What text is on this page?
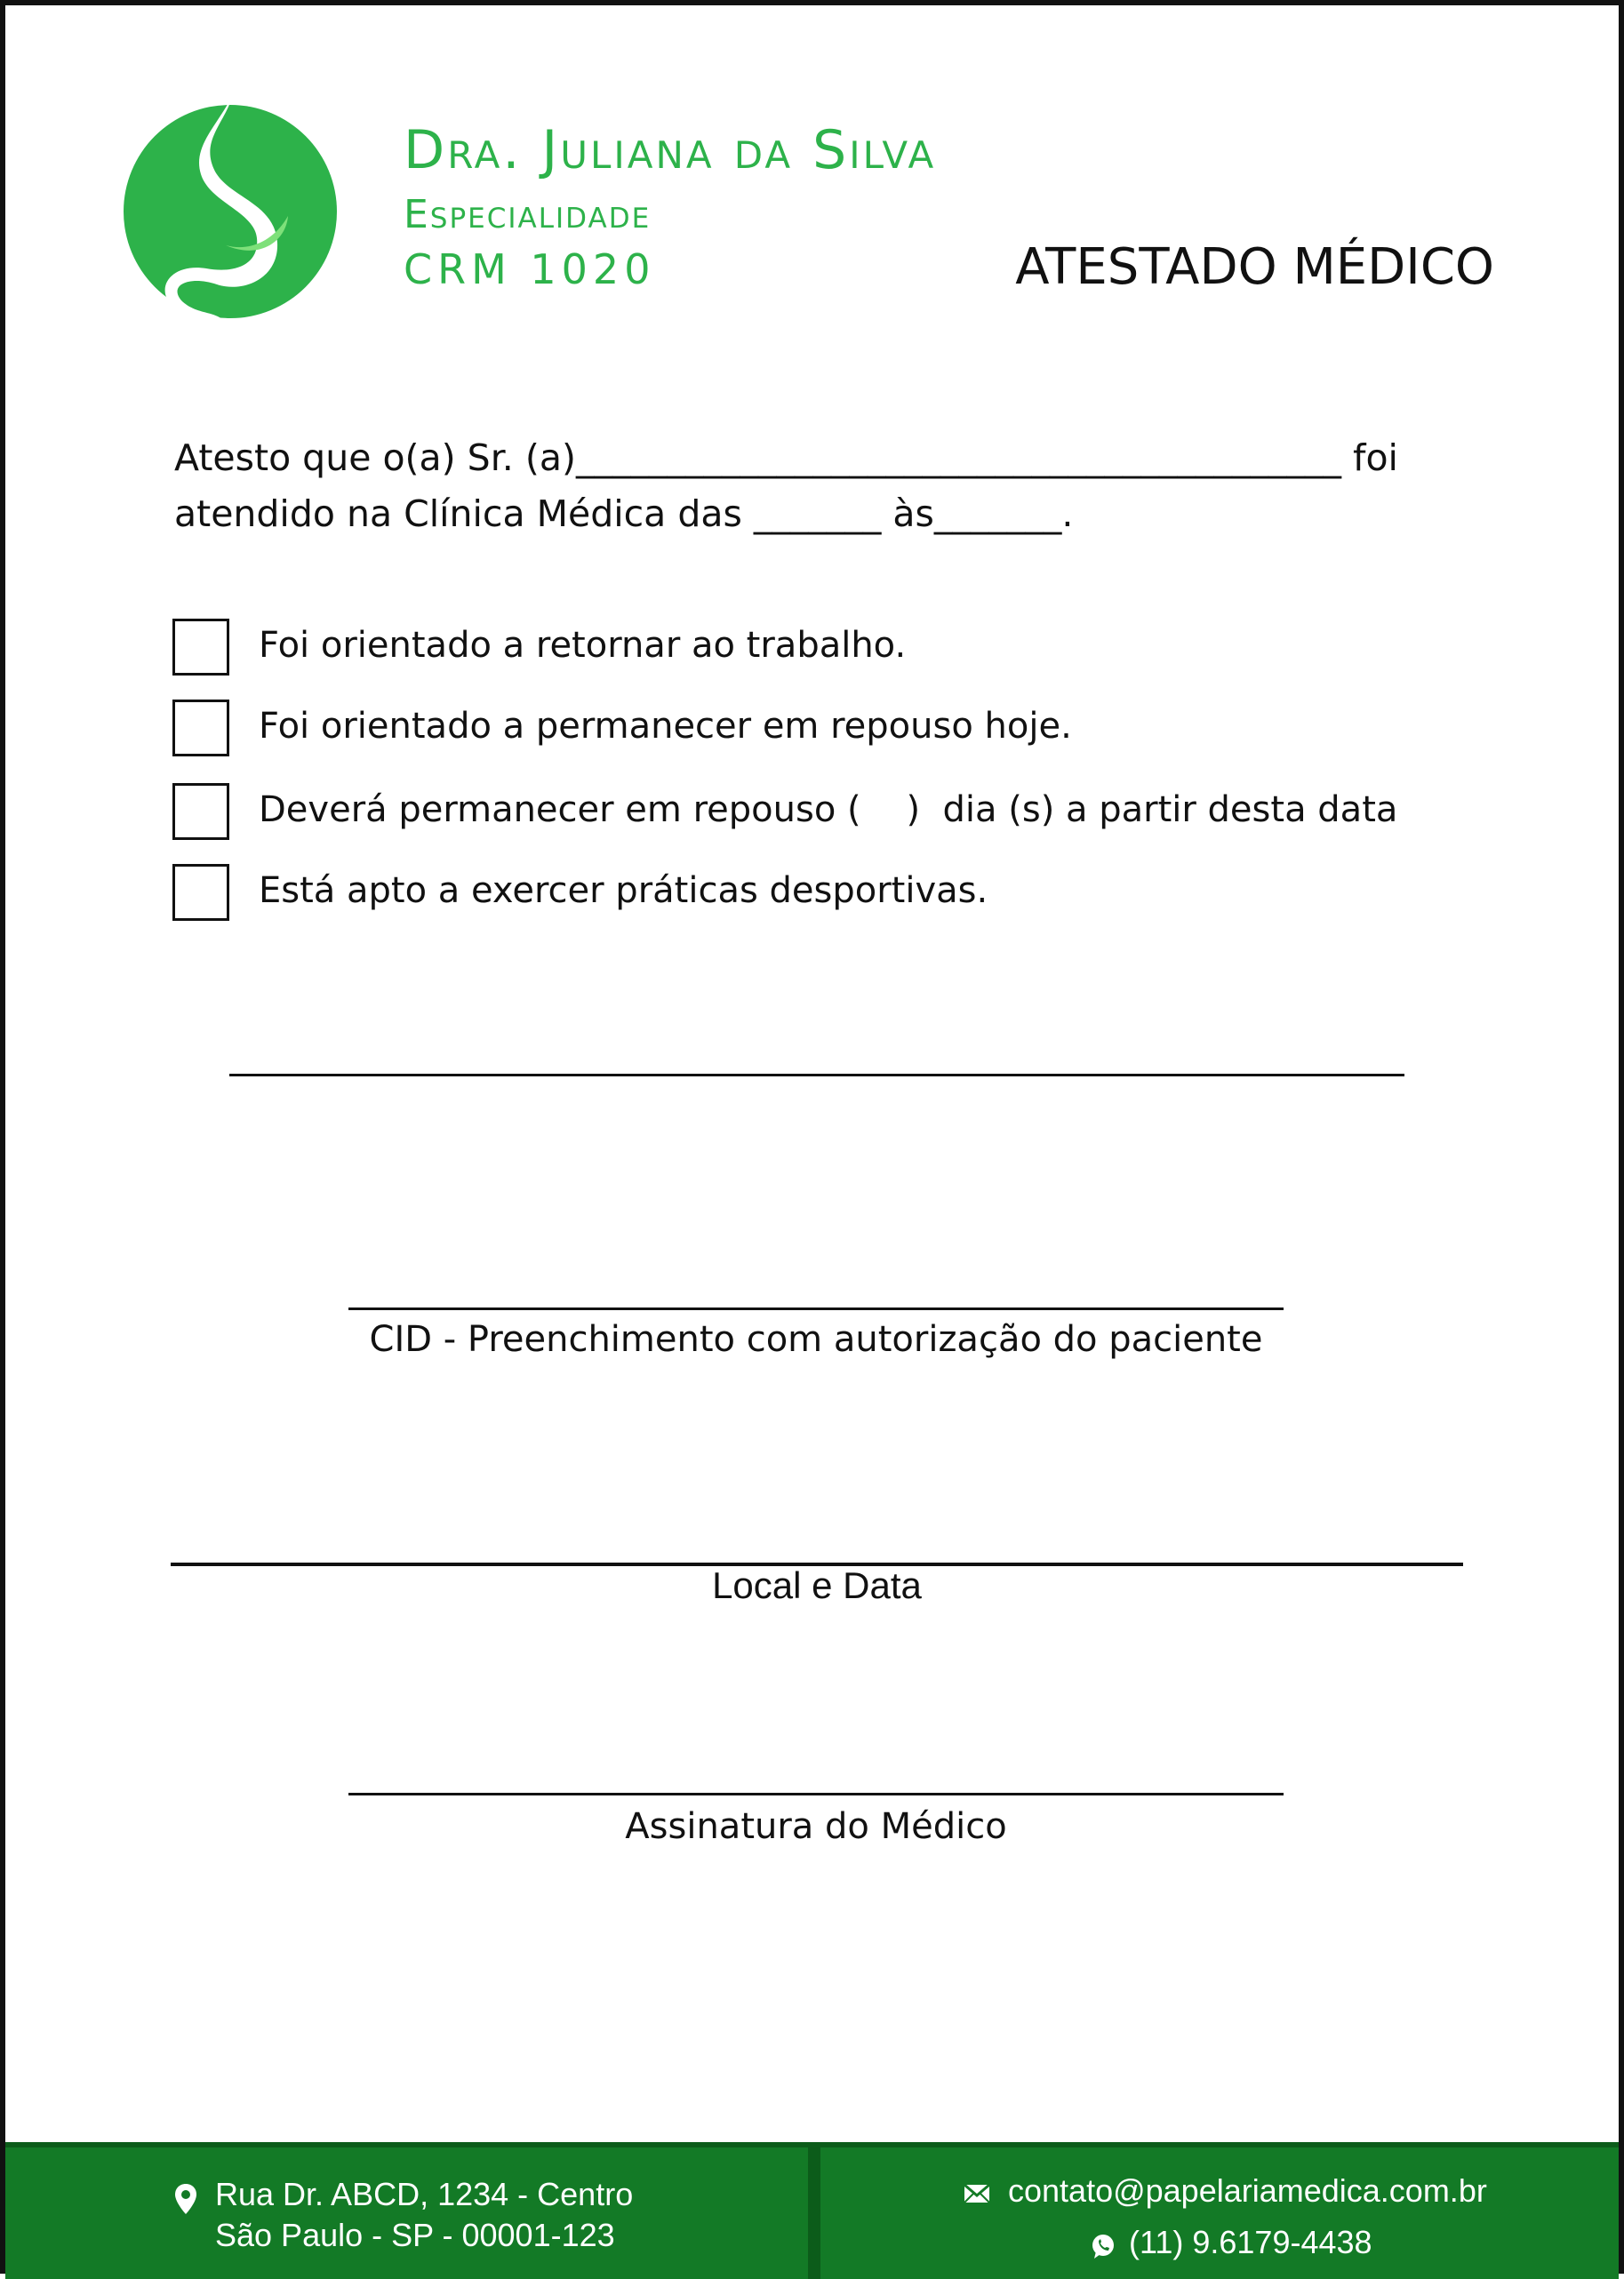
Dra. Juliana da Silva
Especialidade
CRM 1020	ATESTADO MÉDICO
Atesto que o(a) Sr. (a)__________________________________________ foi
atendido na Clínica Médica das _______ às_______.
Foi orientado a retornar ao trabalho.
Foi orientado a permanecer em repouso hoje.
Deverá permanecer em repouso (    )  dia (s) a partir desta data
Está apto a exercer práticas desportivas.
CID - Preenchimento com autorização do paciente
Local e Data
Assinatura do Médico
Rua Dr. ABCD, 1234 - Centro
São Paulo - SP - 00001-123
contato@papelariamedica.com.br
(11) 9.6179-4438
